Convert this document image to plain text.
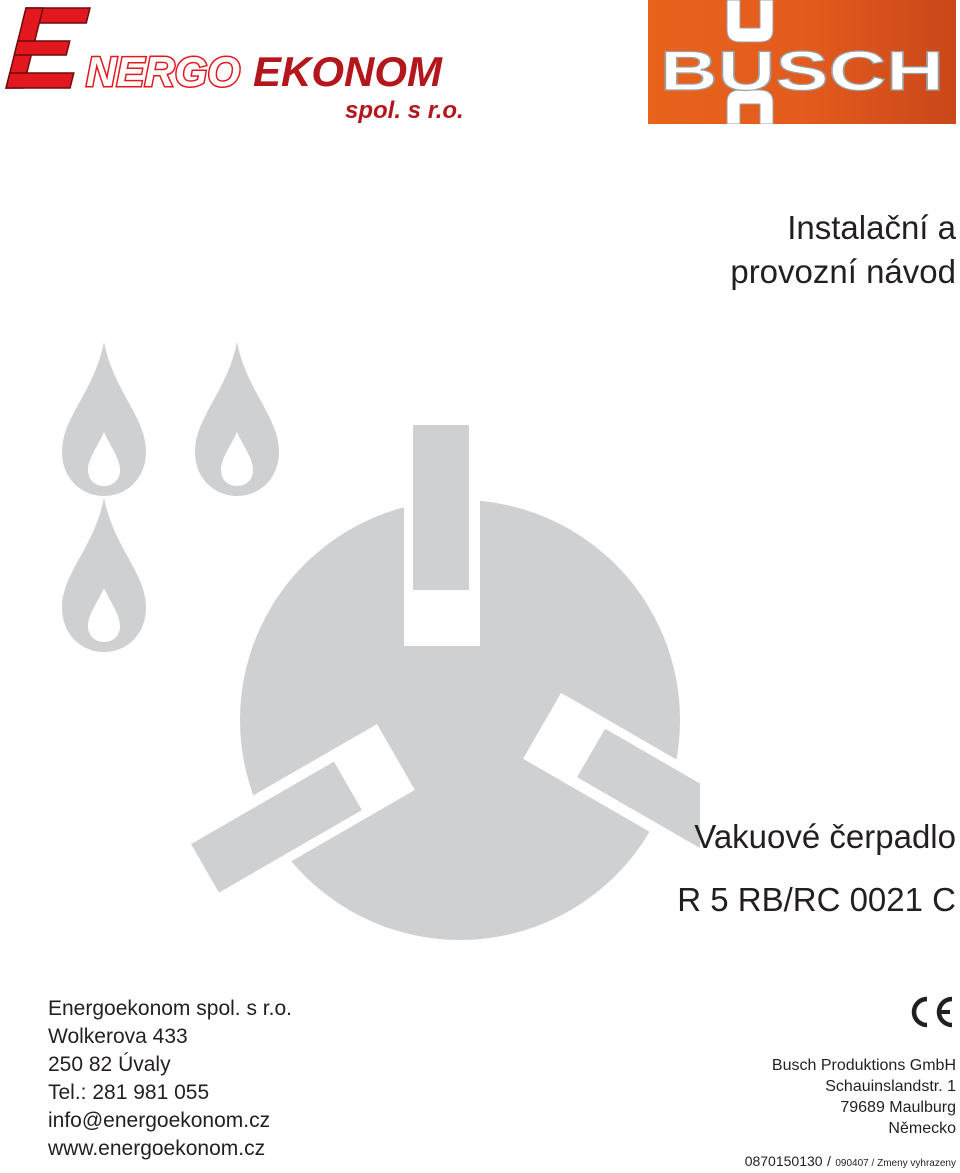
NERGO EKONOM
spol. s r.o.
BUSCH
Instalační a
provozní návod
Vakuové čerpadlo
R 5 RB/RC 0021 C
Energoekonom spol. s r.o.
Wolkerova 433
250 82 Úvaly
Tel.: 281 981 055
info@energoekonom.cz
www.energoekonom.cz
Busch Produktions GmbH
Schauinslandstr. 1
79689 Maulburg
Německo
0870150130 / 090407 / Zmeny vyhrazeny
